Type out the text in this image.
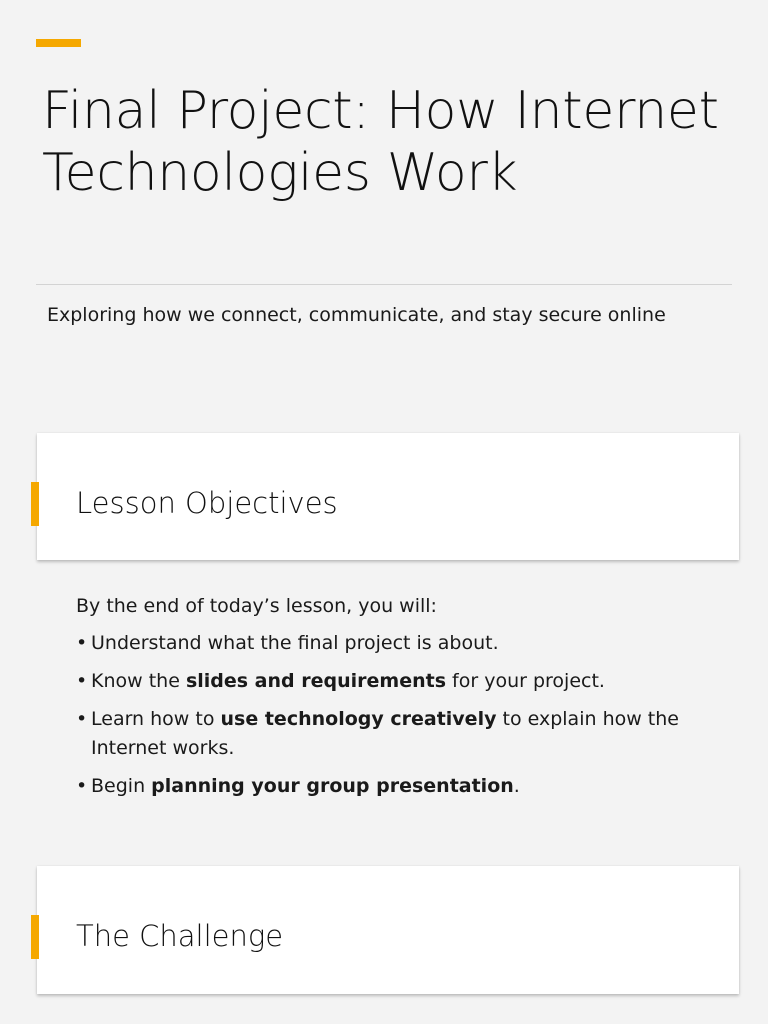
Final Project: How Internet Technologies Work
Exploring how we connect, communicate, and stay secure online
Lesson Objectives

By the end of today’s lesson, you will:

• Understand what the final project is about.
• Know the slides and requirements for your project.
• Learn how to use technology creatively to explain how the Internet works.
• Begin planning your group presentation.
The Challenge
